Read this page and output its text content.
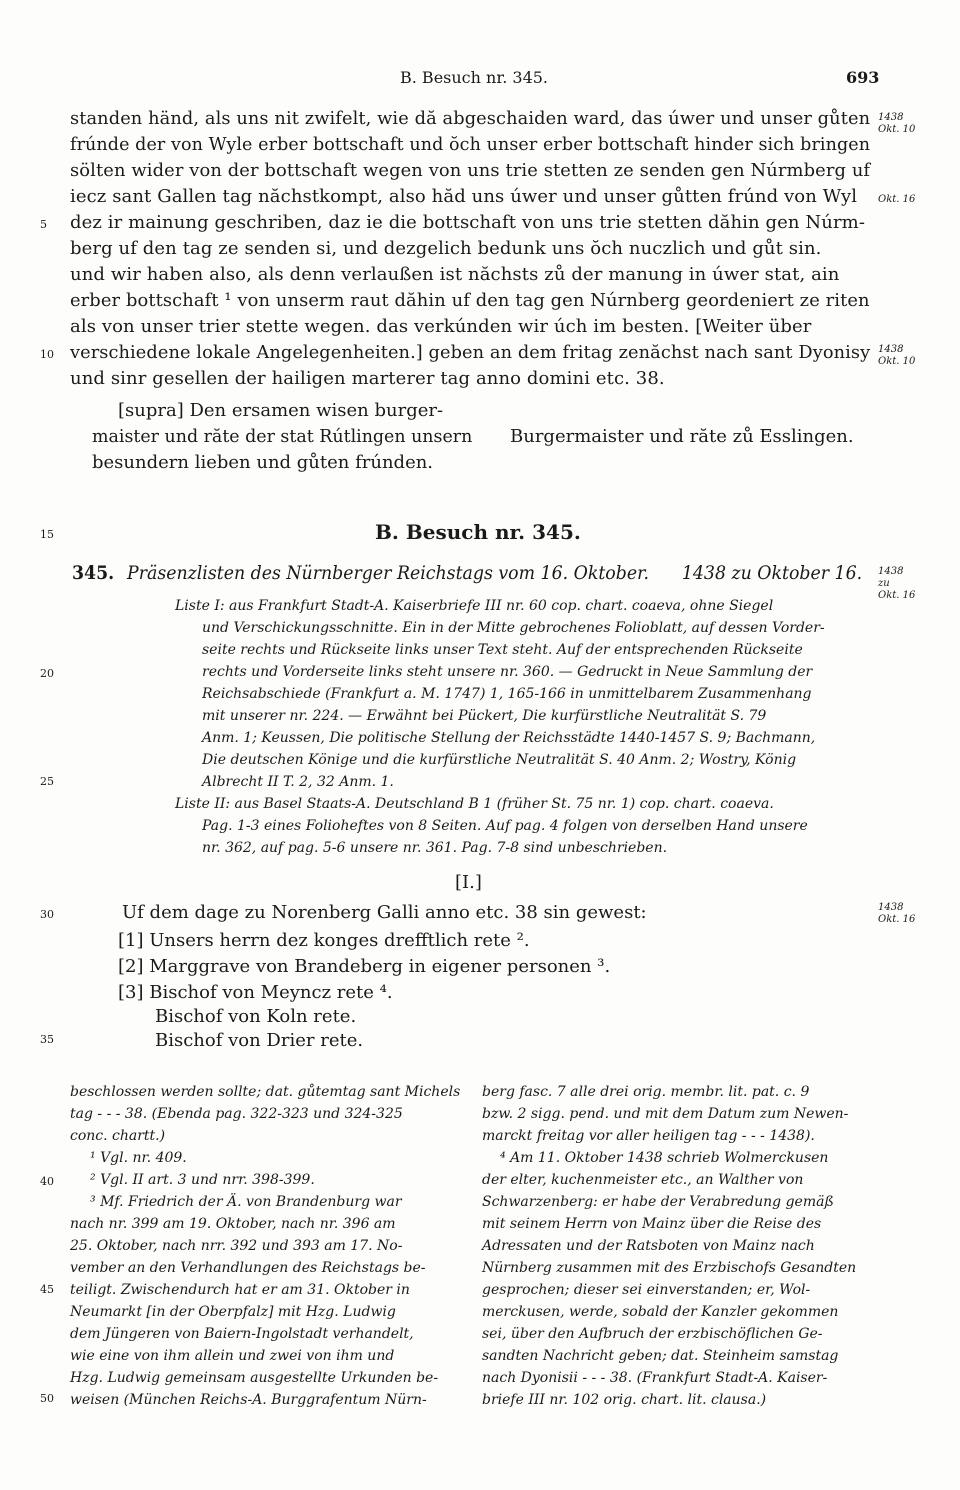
B. Besuch nr. 345.	693
standen händ, als uns nit zwifelt, wie dă abgeschaiden ward, das úwer und unser gůten
frúnde der von Wyle erber bottschaft und ŏch unser erber bottschaft hinder sich bringen
sölten wider von der bottschaft wegen von uns trie stetten ze senden gen Núrmberg uf
iecz sant Gallen tag năchstkompt, also hăd uns úwer und unser gůtten frúnd von Wyl
dez ir mainung geschriben, daz ie die bottschaft von uns trie stetten dăhin gen Núrm-
berg uf den tag ze senden si, und dezgelich bedunk uns ŏch nuczlich und gůt sin.
und wir haben also, als denn verlaußen ist năchsts zů der manung in úwer stat, ain
erber bottschaft ¹ von unserm raut dăhin uf den tag gen Núrnberg geordeniert ze riten
als von unser trier stette wegen. das verkúnden wir úch im besten. [Weiter über
verschiedene lokale Angelegenheiten.] geben an dem fritag zenăchst nach sant Dyonisy
und sinr gesellen der hailigen marterer tag anno domini etc. 38.
5
10
15
20
25
30
35
40
45
50
1438
Okt. 10
Okt. 16
1438
Okt. 10
1438
zu
Okt. 16
1438
Okt. 16
[supra] Den ersamen wisen burger-
maister und răte der stat Rútlingen unsern
besundern lieben und gůten frúnden.
Burgermaister und răte zů Esslingen.
B. Besuch nr. 345.
345. Präsenzlisten des Nürnberger Reichstags vom 16. Oktober. 1438 zu Oktober 16.
Liste I: aus Frankfurt Stadt-A. Kaiserbriefe III nr. 60 cop. chart. coaeva, ohne Siegel
und Verschickungsschnitte. Ein in der Mitte gebrochenes Folioblatt, auf dessen Vorder-
seite rechts und Rückseite links unser Text steht. Auf der entsprechenden Rückseite
rechts und Vorderseite links steht unsere nr. 360. — Gedruckt in Neue Sammlung der
Reichsabschiede (Frankfurt a. M. 1747) 1, 165-166 in unmittelbarem Zusammenhang
mit unserer nr. 224. — Erwähnt bei Pückert, Die kurfürstliche Neutralität S. 79
Anm. 1; Keussen, Die politische Stellung der Reichsstädte 1440-1457 S. 9; Bachmann,
Die deutschen Könige und die kurfürstliche Neutralität S. 40 Anm. 2; Wostry, König
Albrecht II T. 2, 32 Anm. 1.
Liste II: aus Basel Staats-A. Deutschland B 1 (früher St. 75 nr. 1) cop. chart. coaeva.
Pag. 1-3 eines Folioheftes von 8 Seiten. Auf pag. 4 folgen von derselben Hand unsere
nr. 362, auf pag. 5-6 unsere nr. 361. Pag. 7-8 sind unbeschrieben.
[I.]
Uf dem dage zu Norenberg Galli anno etc. 38 sin gewest:
[1] Unsers herrn dez konges drefftlich rete ².
[2] Marggrave von Brandeberg in eigener personen ³.
[3] Bischof von Meyncz rete ⁴.
Bischof von Koln rete.
Bischof von Drier rete.
beschlossen werden sollte; dat. gůtemtag sant Michels
tag - - - 38. (Ebenda pag. 322-323 und 324-325
conc. chartt.)
¹ Vgl. nr. 409.
² Vgl. II art. 3 und nrr. 398-399.
³ Mf. Friedrich der Ä. von Brandenburg war
nach nr. 399 am 19. Oktober, nach nr. 396 am
25. Oktober, nach nrr. 392 und 393 am 17. No-
vember an den Verhandlungen des Reichstags be-
teiligt. Zwischendurch hat er am 31. Oktober in
Neumarkt [in der Oberpfalz] mit Hzg. Ludwig
dem Jüngeren von Baiern-Ingolstadt verhandelt,
wie eine von ihm allein und zwei von ihm und
Hzg. Ludwig gemeinsam ausgestellte Urkunden be-
weisen (München Reichs-A. Burggrafentum Nürn-
berg fasc. 7 alle drei orig. membr. lit. pat. c. 9
bzw. 2 sigg. pend. und mit dem Datum zum Newen-
marckt freitag vor aller heiligen tag - - - 1438).
⁴ Am 11. Oktober 1438 schrieb Wolmerckusen
der elter, kuchenmeister etc., an Walther von
Schwarzenberg: er habe der Verabredung gemäß
mit seinem Herrn von Mainz über die Reise des
Adressaten und der Ratsboten von Mainz nach
Nürnberg zusammen mit des Erzbischofs Gesandten
gesprochen; dieser sei einverstanden; er, Wol-
merckusen, werde, sobald der Kanzler gekommen
sei, über den Aufbruch der erzbischöflichen Ge-
sandten Nachricht geben; dat. Steinheim samstag
nach Dyonisii - - - 38. (Frankfurt Stadt-A. Kaiser-
briefe III nr. 102 orig. chart. lit. clausa.)
